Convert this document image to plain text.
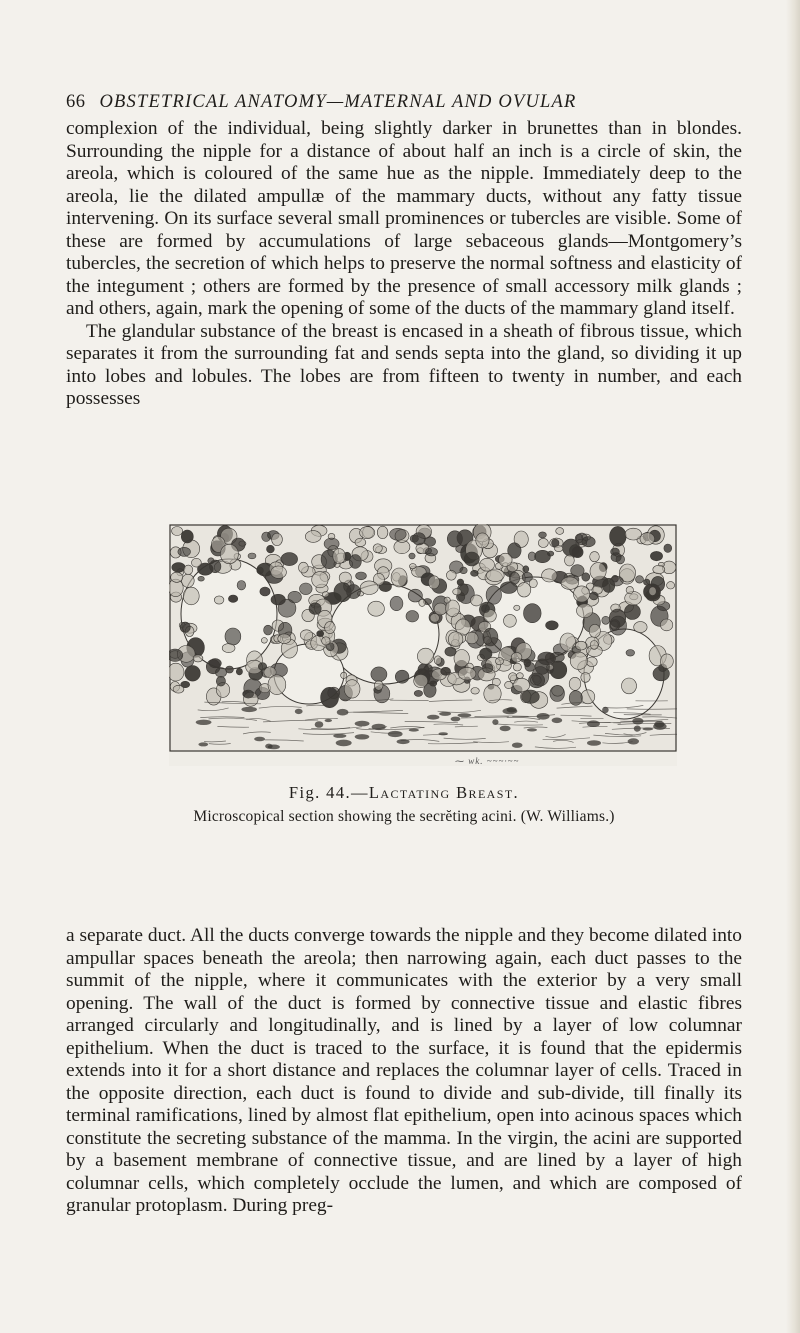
66 OBSTETRICAL ANATOMY—MATERNAL AND OVULAR

complexion of the individual, being slightly darker in brunettes than in blondes. Surrounding the nipple for a distance of about half an inch is a circle of skin, the areola, which is coloured of the same hue as the nipple. Immediately deep to the areola, lie the dilated ampullæ of the mammary ducts, without any fatty tissue intervening. On its surface several small prominences or tubercles are visible. Some of these are formed by accumulations of large sebaceous glands—Montgomery’s tubercles, the secretion of which helps to preserve the normal softness and elasticity of the integument ; others are formed by the presence of small accessory milk glands ; and others, again, mark the opening of some of the ducts of the mammary gland itself.

The glandular substance of the breast is encased in a sheath of fibrous tissue, which separates it from the surrounding fat and sends septa into the gland, so dividing it up into lobes and lobules. The lobes are from fifteen to twenty in number, and each possesses

⁓ wk. ~~~·~~
Fig. 44.—Lactating Breast.
Microscopical section showing the secrĕting acini. (W. Williams.)

a separate duct. All the ducts converge towards the nipple and they become dilated into ampullar spaces beneath the areola; then narrowing again, each duct passes to the summit of the nipple, where it communicates with the exterior by a very small opening. The wall of the duct is formed by connective tissue and elastic fibres arranged circularly and longitudinally, and is lined by a layer of low columnar epithelium. When the duct is traced to the surface, it is found that the epidermis extends into it for a short distance and replaces the columnar layer of cells. Traced in the opposite direction, each duct is found to divide and sub-divide, till finally its terminal ramifications, lined by almost flat epithelium, open into acinous spaces which constitute the secreting substance of the mamma. In the virgin, the acini are supported by a basement membrane of connective tissue, and are lined by a layer of high columnar cells, which completely occlude the lumen, and which are composed of granular protoplasm. During preg-
